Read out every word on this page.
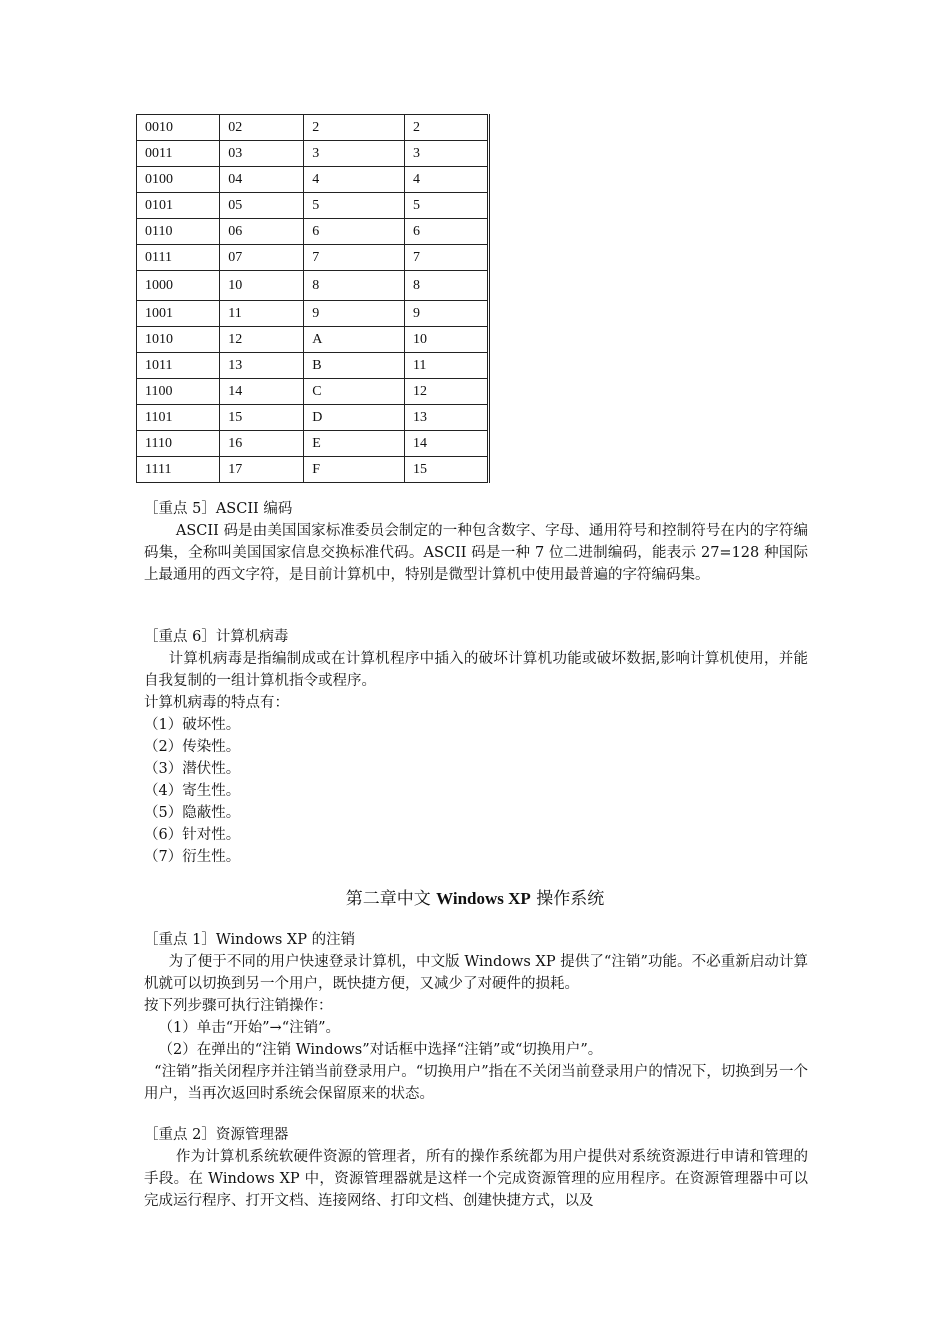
0010	02	2	2
0011	03	3	3
0100	04	4	4
0101	05	5	5
0110	06	6	6
0111	07	7	7
1000	10	8	8
1001	11	9	9
1010	12	A	10
1011	13	B	11
1100	14	C	12
1101	15	D	13
1110	16	E	14
1111	17	F	15

［重点 5］ASCII 编码

ASCII 码是由美国国家标准委员会制定的一种包含数字、字母、通用符号和控制符号在内的字符编码集，全称叫美国国家信息交换标准代码。ASCII 码是一种 7 位二进制编码，能表示 27=128 种国际上最通用的西文字符，是目前计算机中，特别是微型计算机中使用最普遍的字符编码集。

［重点 6］计算机病毒

计算机病毒是指编制成或在计算机程序中插入的破坏计算机功能或破坏数据,影响计算机使用，并能自我复制的一组计算机指令或程序。

计算机病毒的特点有：

（1）破坏性。

（2）传染性。

（3）潜伏性。

（4）寄生性。

（5）隐蔽性。

（6）针对性。

（7）衍生性。

第二章中文 Windows XP 操作系统

［重点 1］Windows XP 的注销

为了便于不同的用户快速登录计算机，中文版 Windows XP 提供了“注销”功能。不必重新启动计算机就可以切换到另一个用户，既快捷方便，又减少了对硬件的损耗。

按下列步骤可执行注销操作：

（1）单击“开始”→“注销”。

（2）在弹出的“注销 Windows”对话框中选择“注销”或“切换用户”。

“注销”指关闭程序并注销当前登录用户。“切换用户”指在不关闭当前登录用户的情况下，切换到另一个用户，当再次返回时系统会保留原来的状态。

［重点 2］资源管理器

作为计算机系统软硬件资源的管理者，所有的操作系统都为用户提供对系统资源进行申请和管理的手段。在 Windows XP 中，资源管理器就是这样一个完成资源管理的应用程序。在资源管理器中可以完成运行程序、打开文档、连接网络、打印文档、创建快捷方式，以及
